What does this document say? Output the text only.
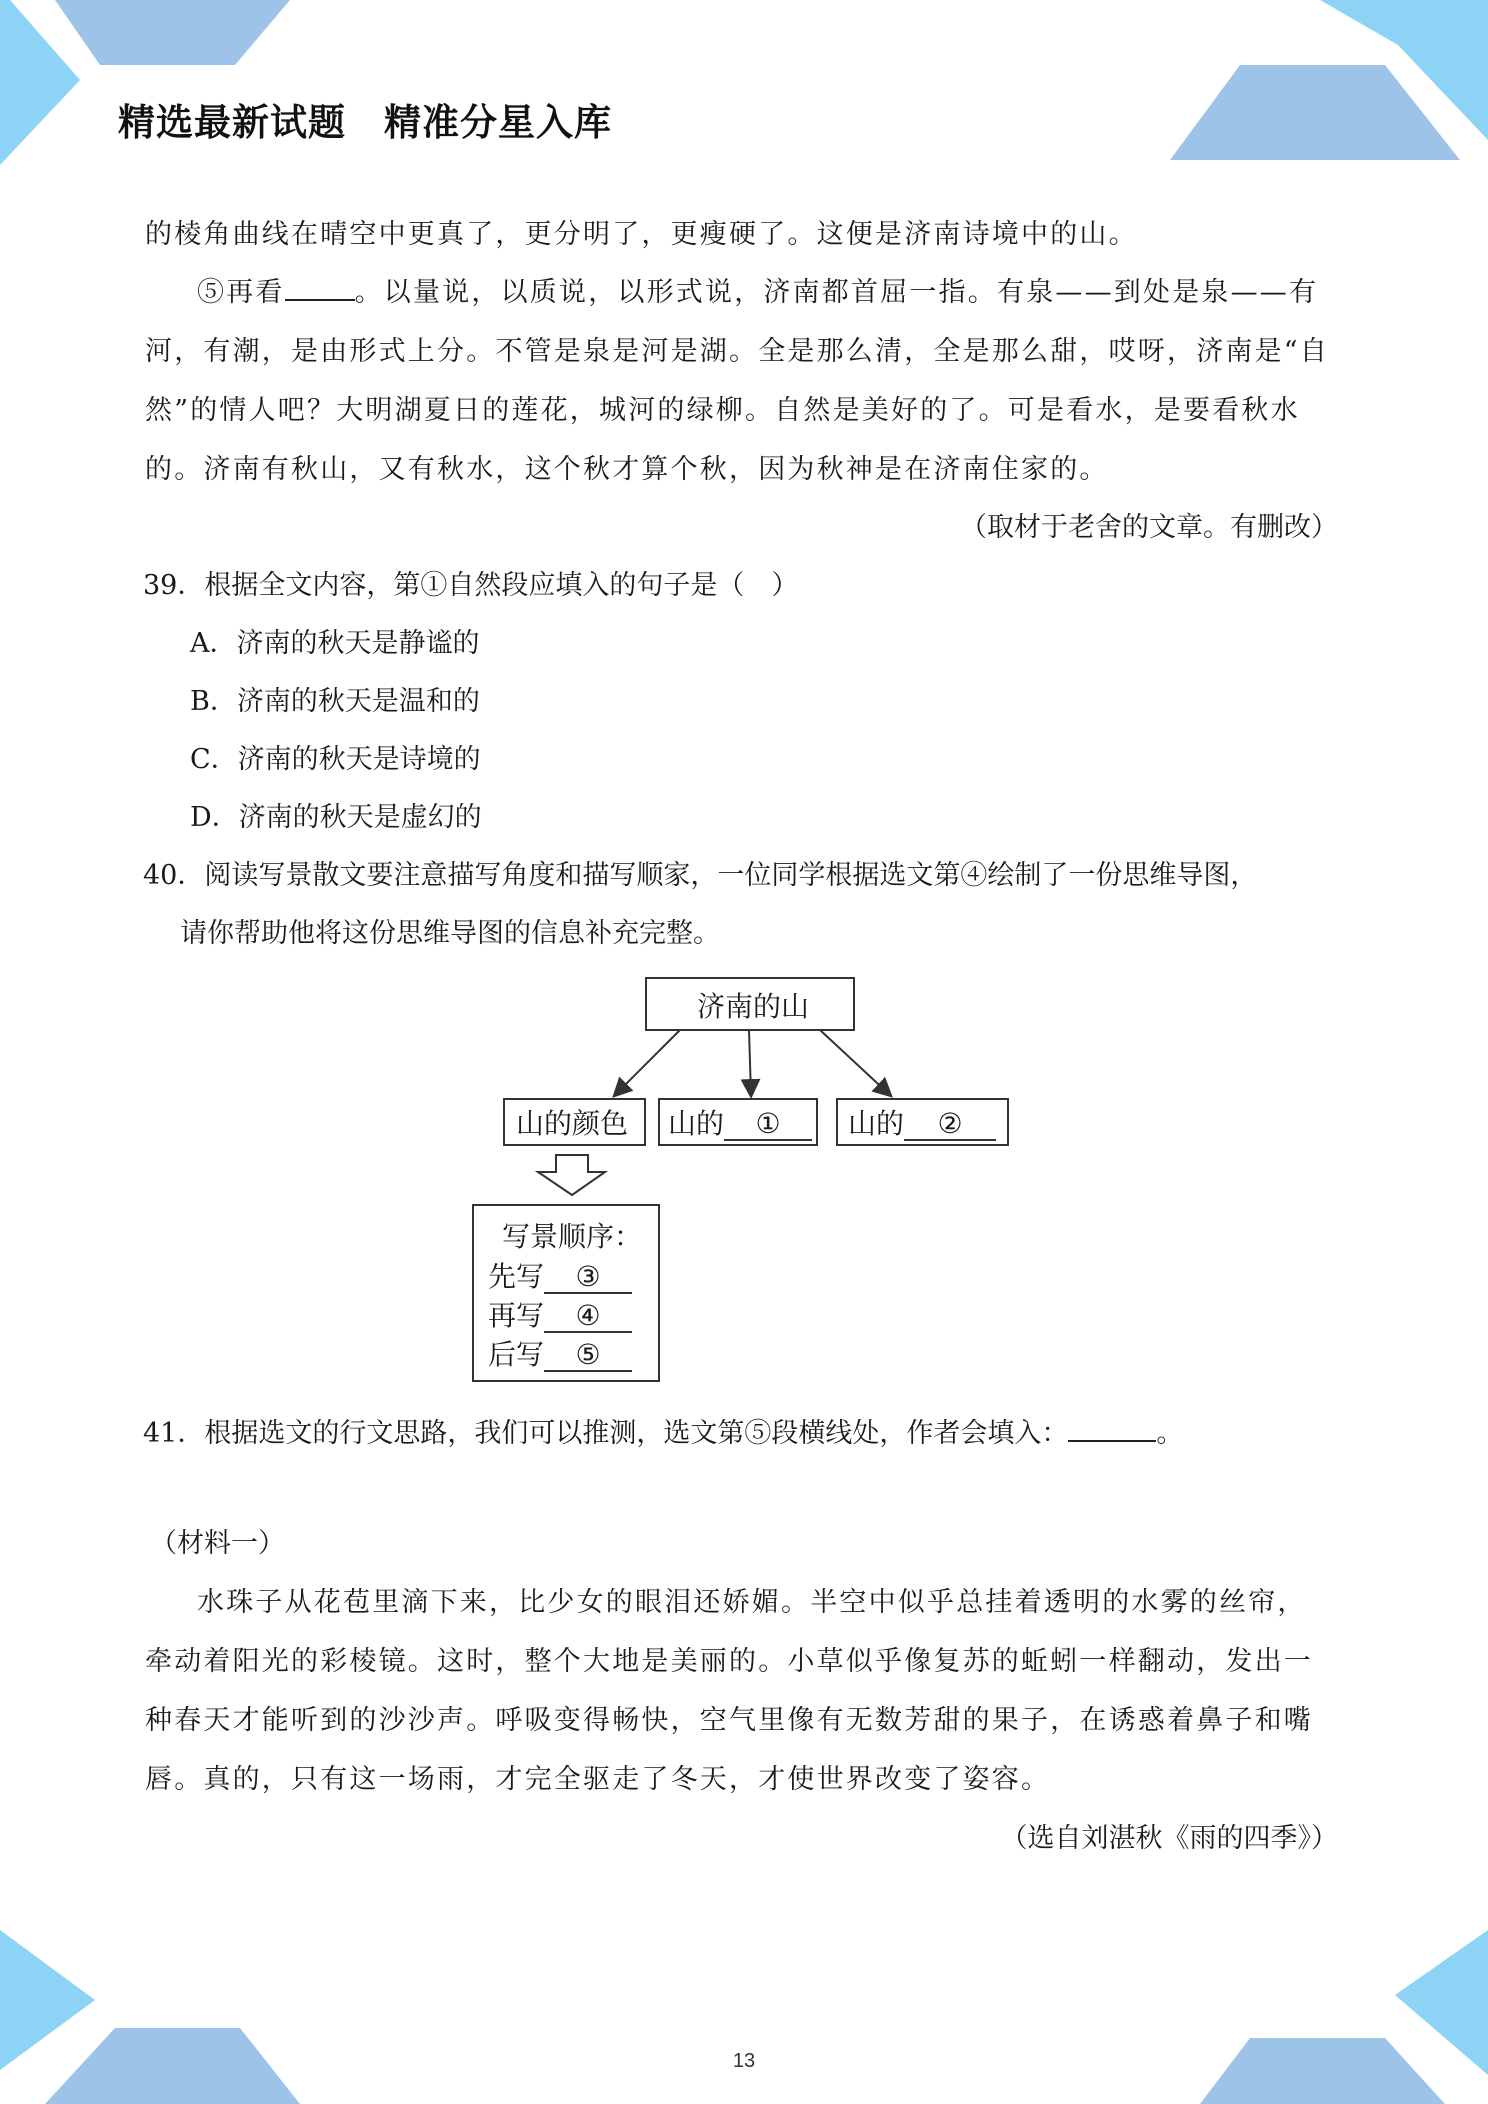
精选最新试题　精准分星入库
的棱角曲线在晴空中更真了，更分明了，更瘦硬了。这便是济南诗境中的山。
⑤再看	。以量说，以质说，以形式说，济南都首屈一指。有泉——到处是泉——有
河，有潮，是由形式上分。不管是泉是河是湖。全是那么清，全是那么甜，哎呀，济南是“自
然”的情人吧？大明湖夏日的莲花，城河的绿柳。自然是美好的了。可是看水，是要看秋水
的。济南有秋山，又有秋水，这个秋才算个秋，因为秋神是在济南住家的。
（取材于老舍的文章。有删改）
39．根据全文内容，第①自然段应填入的句子是（　）
A．济南的秋天是静谧的
B．济南的秋天是温和的
C．济南的秋天是诗境的
D．济南的秋天是虚幻的
40．阅读写景散文要注意描写角度和描写顺家，一位同学根据选文第④绘制了一份思维导图，
请你帮助他将这份思维导图的信息补充完整。
济南的山
山的颜色 山的 ①	山的 ②
写景顺序：
先写 ③
再写 ④
后写 ⑤
41．根据选文的行文思路，我们可以推测，选文第⑤段横线处，作者会填入：	。
（材料一）
水珠子从花苞里滴下来，比少女的眼泪还娇媚。半空中似乎总挂着透明的水雾的丝帘，
牵动着阳光的彩棱镜。这时，整个大地是美丽的。小草似乎像复苏的蚯蚓一样翻动，发出一
种春天才能听到的沙沙声。呼吸变得畅快，空气里像有无数芳甜的果子，在诱惑着鼻子和嘴
唇。真的，只有这一场雨，才完全驱走了冬天，才使世界改变了姿容。
（选自刘湛秋《雨的四季》）
13
